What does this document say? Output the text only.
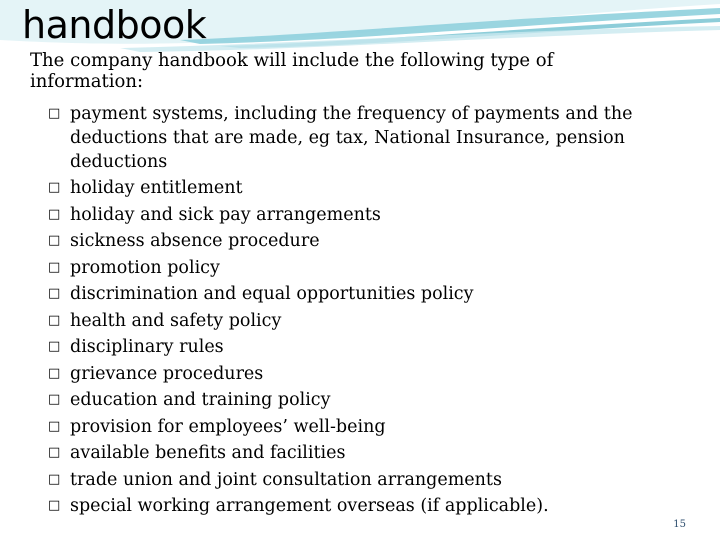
handbook
The company handbook will include the following type of information:
□ payment systems, including the frequency of payments and the deductions that are made, eg tax, National Insurance, pension deductions
□ holiday entitlement
□ holiday and sick pay arrangements
□ sickness absence procedure
□ promotion policy
□ discrimination and equal opportunities policy
□ health and safety policy
□ disciplinary rules
□ grievance procedures
□ education and training policy
□ provision for employees’ well-being
□ available benefits and facilities
□ trade union and joint consultation arrangements
□ special working arrangement overseas (if applicable).
15
